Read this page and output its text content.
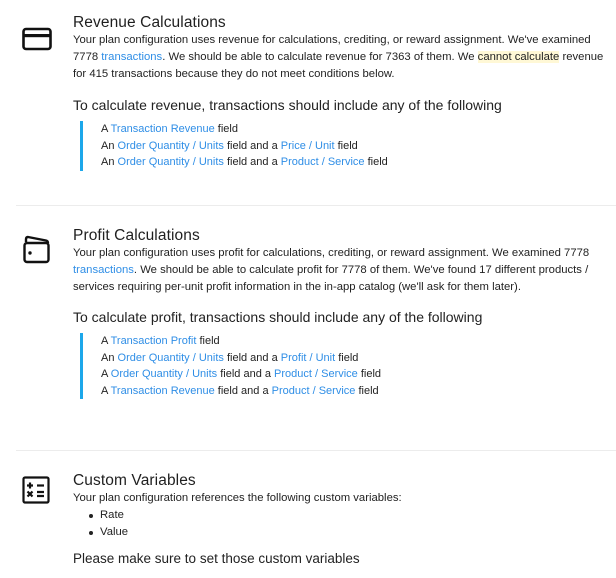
Revenue Calculations
Your plan configuration uses revenue for calculations, crediting, or reward assignment. We've examined 7778 transactions. We should be able to calculate revenue for 7363 of them. We cannot calculate revenue for 415 transactions because they do not meet conditions below.
To calculate revenue, transactions should include any of the following
A Transaction Revenue field
An Order Quantity / Units field and a Price / Unit field
An Order Quantity / Units field and a Product / Service field
Profit Calculations
Your plan configuration uses profit for calculations, crediting, or reward assignment. We examined 7778 transactions. We should be able to calculate profit for 7778 of them. We've found 17 different products / services requiring per-unit profit information in the in-app catalog (we'll ask for them later).
To calculate profit, transactions should include any of the following
A Transaction Profit field
An Order Quantity / Units field and a Profit / Unit field
A Order Quantity / Units field and a Product / Service field
A Transaction Revenue field and a Product / Service field
Custom Variables
Your plan configuration references the following custom variables:
Rate
Value
Please make sure to set those custom variables
